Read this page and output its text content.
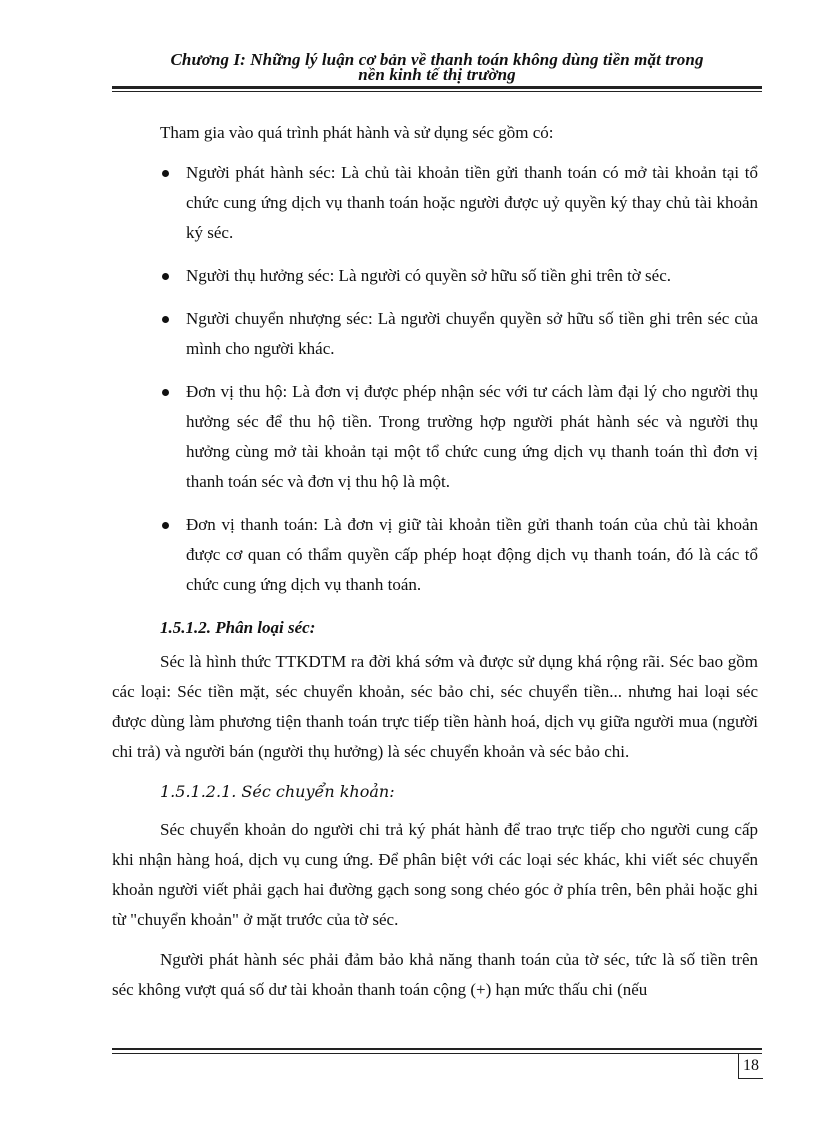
Chương I: Những lý luận cơ bản về thanh toán không dùng tiền mặt trong
nền kinh tế thị trường

Tham gia vào quá trình phát hành và sử dụng séc gồm có:

Người phát hành séc: Là chủ tài khoản tiền gửi thanh toán có mở tài khoản tại tổ chức cung ứng dịch vụ thanh toán hoặc người được uỷ quyền ký thay chủ tài khoản ký séc.
Người thụ hưởng séc: Là người có quyền sở hữu số tiền ghi trên tờ séc.
Người chuyển nhượng séc: Là người chuyển quyền sở hữu số tiền ghi trên séc của mình cho người khác.
Đơn vị thu hộ: Là đơn vị được phép nhận séc với tư cách làm đại lý cho người thụ hưởng séc để thu hộ tiền. Trong trường hợp người phát hành séc và người thụ hưởng cùng mở tài khoản tại một tổ chức cung ứng dịch vụ thanh toán thì đơn vị thanh toán séc và đơn vị thu hộ là một.
Đơn vị thanh toán: Là đơn vị giữ tài khoản tiền gửi thanh toán của chủ tài khoản được cơ quan có thẩm quyền cấp phép hoạt động dịch vụ thanh toán, đó là các tổ chức cung ứng dịch vụ thanh toán.
1.5.1.2. Phân loại séc:

Séc là hình thức TTKDTM ra đời khá sớm và được sử dụng khá rộng rãi. Séc bao gồm các loại: Séc tiền mặt, séc chuyển khoản, séc bảo chi, séc chuyển tiền... nhưng hai loại séc được dùng làm phương tiện thanh toán trực tiếp tiền hành hoá, dịch vụ giữa người mua (người chi trả) và người bán (người thụ hưởng) là séc chuyển khoản và séc bảo chi.

1.5.1.2.1. Séc chuyển khoản:

Séc chuyển khoản do người chi trả ký phát hành để trao trực tiếp cho người cung cấp khi nhận hàng hoá, dịch vụ cung ứng. Để phân biệt với các loại séc khác, khi viết séc chuyển khoản người viết phải gạch hai đường gạch song song chéo góc ở phía trên, bên phải hoặc ghi từ "chuyển khoản" ở mặt trước của tờ séc.

Người phát hành séc phải đảm bảo khả năng thanh toán của tờ séc, tức là số tiền trên séc không vượt quá số dư tài khoản thanh toán cộng (+) hạn mức thấu chi (nếu

18
